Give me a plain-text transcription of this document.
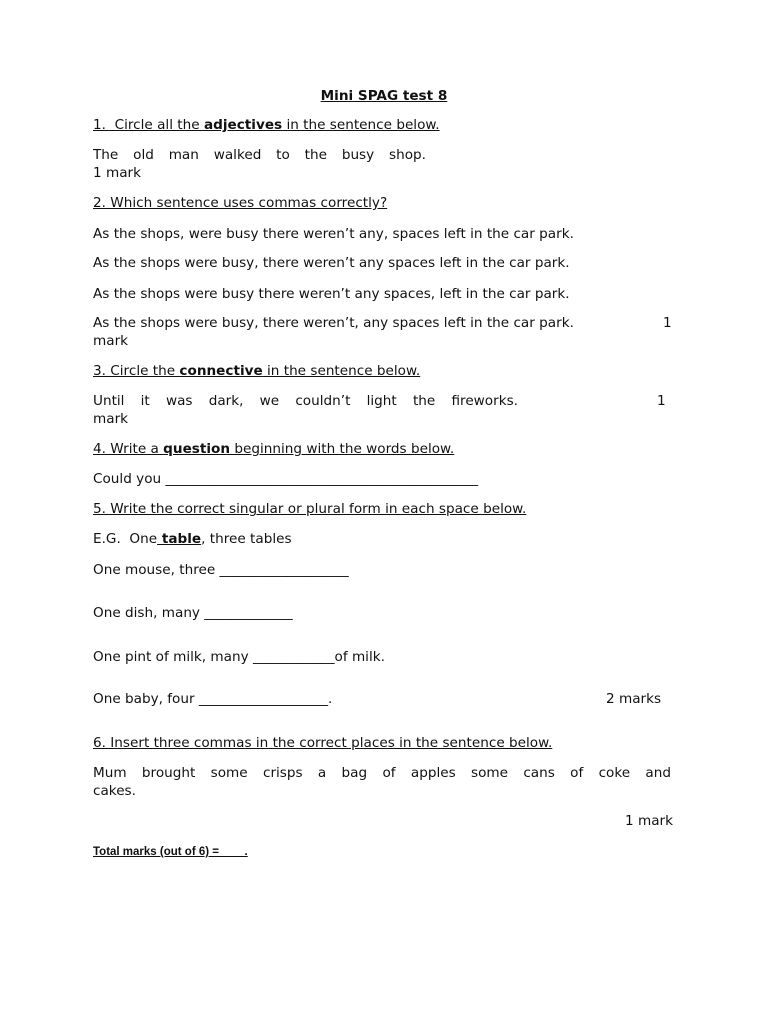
Mini SPAG test 8
1.  Circle all the adjectives in the sentence below.
The old man walked to the busy shop.
1 mark
2. Which sentence uses commas correctly?
As the shops, were busy there weren’t any, spaces left in the car park.
As the shops were busy, there weren’t any spaces left in the car park.
As the shops were busy there weren’t any spaces, left in the car park.
As the shops were busy, there weren’t, any spaces left in the car park.	1
mark
3. Circle the connective in the sentence below.
Until it was dark, we couldn’t light the fireworks.	1
mark
4. Write a question beginning with the words below.
Could you ______________________________________________
5. Write the correct singular or plural form in each space below.
E.G.  One table, three tables
One mouse, three ___________________
One dish, many _____________
One pint of milk, many ____________of milk.
One baby, four ___________________.	2 marks
6. Insert three commas in the correct places in the sentence below.
Mum brought some crisps a bag of apples some cans of coke and
cakes.
1 mark
Total marks (out of 6) =        .
